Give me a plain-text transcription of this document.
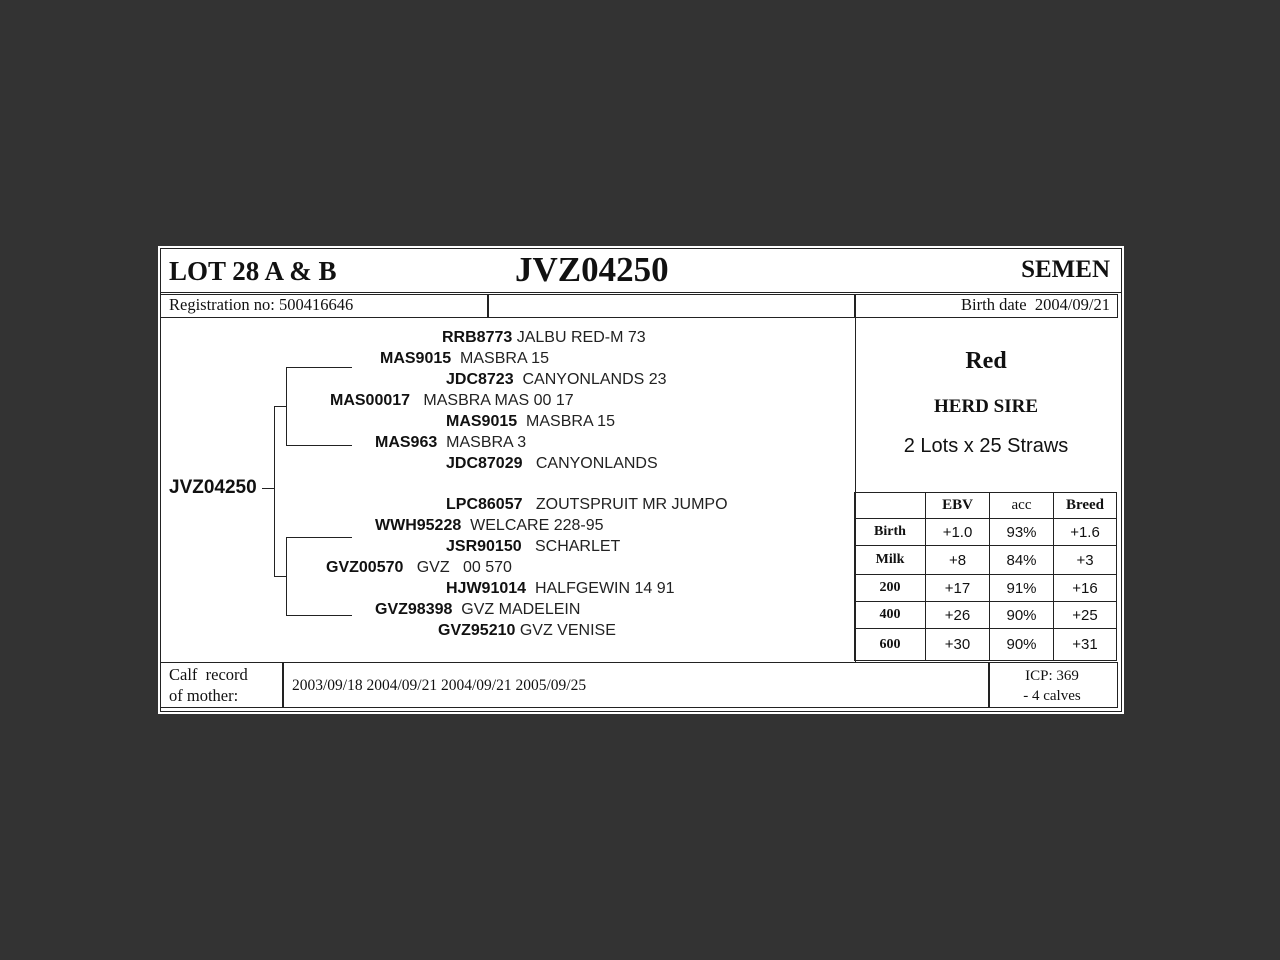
LOT 28 A & B	JVZ04250	SEMEN
Registration no: 500416646	Birth date 2004/09/21
JVZ04250
RRB8773 JALBU RED-M 73
MAS9015 MASBRA 15
JDC8723 CANYONLANDS 23
MAS00017 MASBRA MAS 00 17
MAS9015 MASBRA 15
MAS963 MASBRA 3
JDC87029 CANYONLANDS
LPC86057 ZOUTSPRUIT MR JUMPO
WWH95228 WELCARE 228-95
JSR90150 SCHARLET
GVZ00570 GVZ   00 570
HJW91014 HALFGEWIN 14 91
GVZ98398 GVZ MADELEIN
GVZ95210 GVZ VENISE
Red
HERD SIRE
2 Lots x 25 Straws
	EBV	acc	Breed
Birth	+1.0	93%	+1.6
Milk	+8	84%	+3
200	+17	91%	+16
400	+26	90%	+25
600	+30	90%	+31
Calf  record
of mother:
2003/09/18 2004/09/21 2004/09/21 2005/09/25
ICP: 369
- 4 calves
